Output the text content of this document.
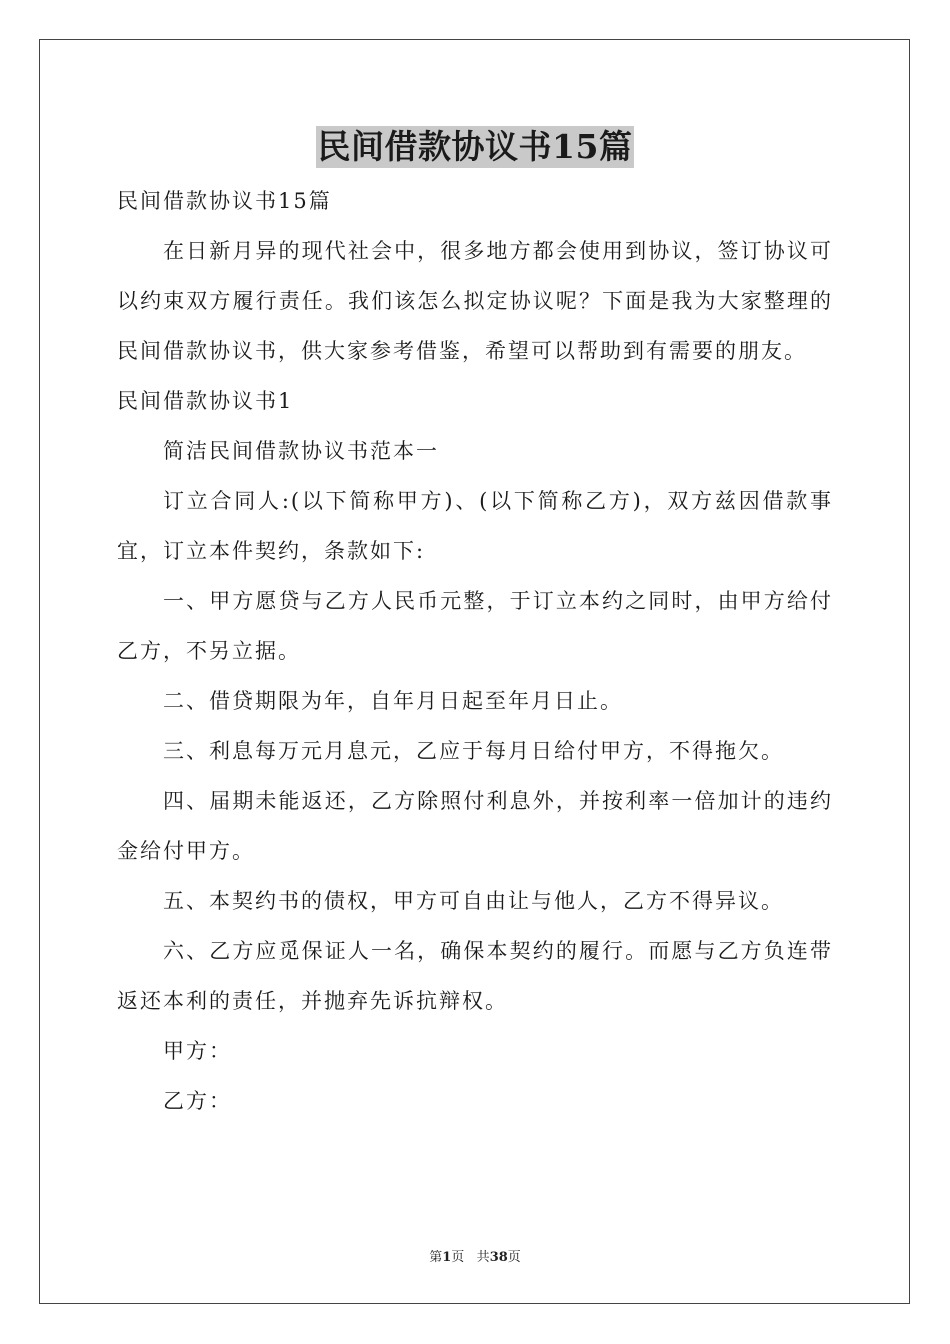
民间借款协议书15篇

民间借款协议书15篇

在日新月异的现代社会中，很多地方都会使用到协议，签订协议可以约束双方履行责任。我们该怎么拟定协议呢？下面是我为大家整理的民间借款协议书，供大家参考借鉴，希望可以帮助到有需要的朋友。

民间借款协议书1

简洁民间借款协议书范本一

订立合同人:(以下简称甲方)、(以下简称乙方)，双方兹因借款事宜，订立本件契约，条款如下:

一、甲方愿贷与乙方人民币元整，于订立本约之同时，由甲方给付乙方，不另立据。

二、借贷期限为年，自年月日起至年月日止。

三、利息每万元月息元，乙应于每月日给付甲方，不得拖欠。

四、届期未能返还，乙方除照付利息外，并按利率一倍加计的违约金给付甲方。

五、本契约书的债权，甲方可自由让与他人，乙方不得异议。

六、乙方应觅保证人一名，确保本契约的履行。而愿与乙方负连带返还本利的责任，并抛弃先诉抗辩权。

甲方：

乙方：

第1页 共38页
